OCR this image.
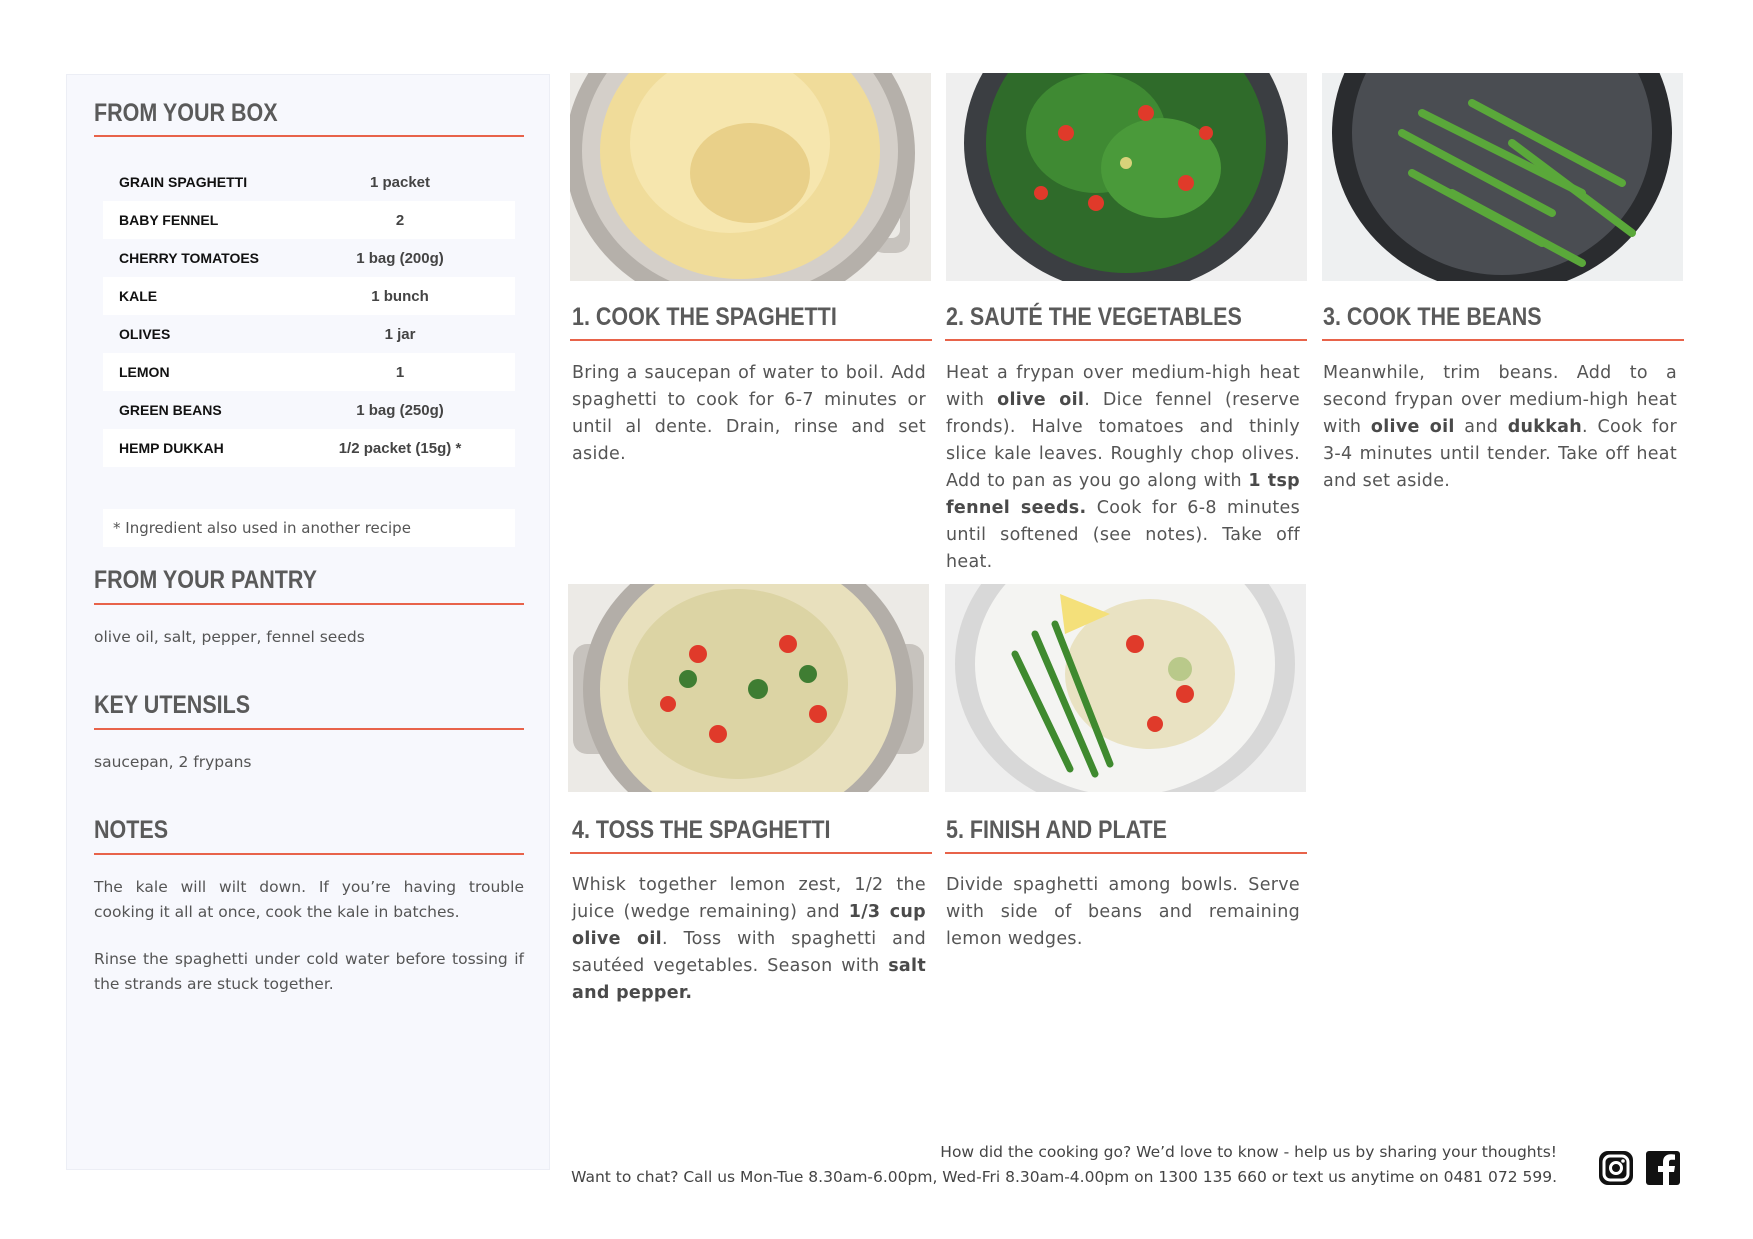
FROM YOUR BOX
GRAIN SPAGHETTI	1 packet
BABY FENNEL	2
CHERRY TOMATOES	1 bag (200g)
KALE	1 bunch
OLIVES	1 jar
LEMON	1
GREEN BEANS	1 bag (250g)
HEMP DUKKAH	1/2 packet (15g) *
* Ingredient also used in another recipe
FROM YOUR PANTRY
olive oil, salt, pepper, fennel seeds
KEY UTENSILS
saucepan, 2 frypans
NOTES
The kale will wilt down. If you’re having trouble cooking it all at once, cook the kale in batches.
Rinse the spaghetti under cold water before tossing if the strands are stuck together.
1. COOK THE SPAGHETTI
Bring a saucepan of water to boil. Add spaghetti to cook for 6-7 minutes or until al dente. Drain, rinse and set aside.
2. SAUTÉ THE VEGETABLES
Heat a frypan over medium-high heat with olive oil. Dice fennel (reserve fronds). Halve tomatoes and thinly slice kale leaves. Roughly chop olives. Add to pan as you go along with 1 tsp fennel seeds. Cook for 6-8 minutes until softened (see notes). Take off heat.
3. COOK THE BEANS
Meanwhile, trim beans. Add to a second frypan over medium-high heat with olive oil and dukkah. Cook for 3-4 minutes until tender. Take off heat and set aside.
4. TOSS THE SPAGHETTI
Whisk together lemon zest, 1/2 the juice (wedge remaining) and 1/3 cup olive oil. Toss with spaghetti and sautéed vegetables. Season with salt and pepper.
5. FINISH AND PLATE
Divide spaghetti among bowls. Serve with side of beans and remaining lemon wedges.
How did the cooking go? We’d love to know - help us by sharing your thoughts!
Want to chat? Call us Mon-Tue 8.30am-6.00pm, Wed-Fri 8.30am-4.00pm on 1300 135 660 or text us anytime on 0481 072 599.
